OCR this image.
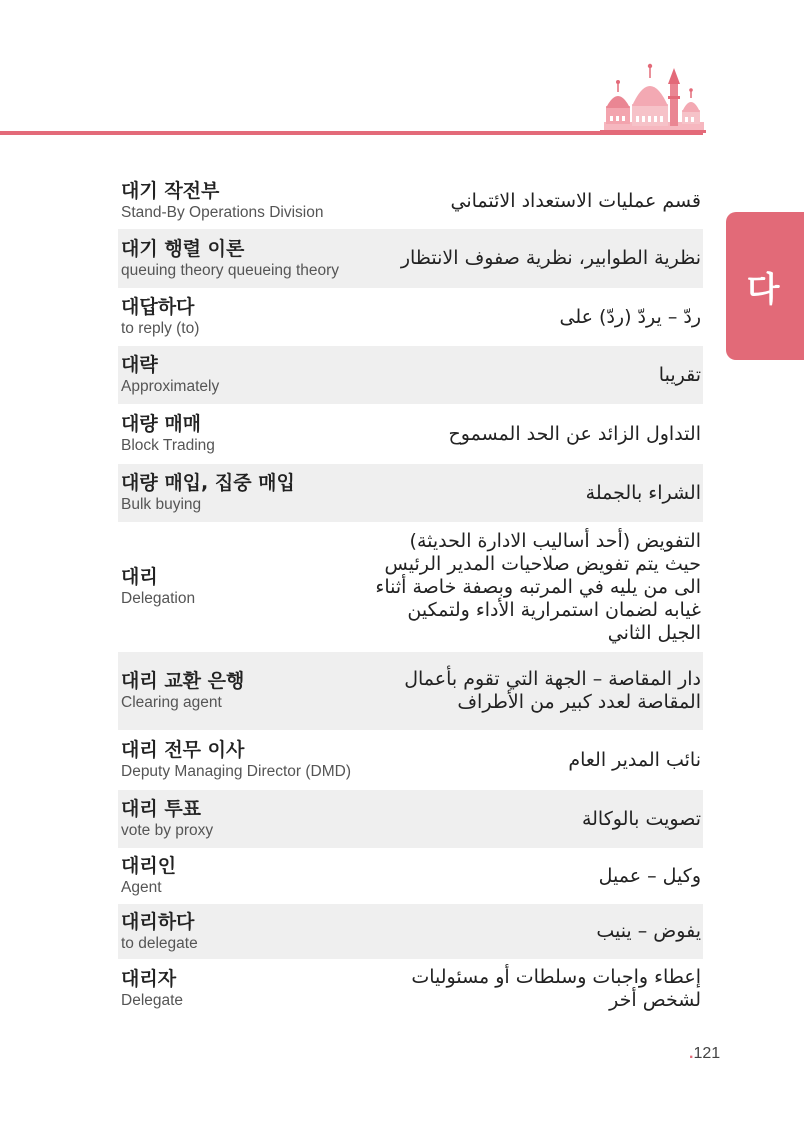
다
대기 작전부
Stand-By Operations Division
قسم عمليات الاستعداد الائتماني
대기 행렬 이론
queuing theory queueing theory
نظرية الطوابير، نظرية صفوف الانتظار
대답하다
to reply (to)
ردّ – يردّ (ردّ) على
대략
Approximately
تقريبا
대량 매매
Block Trading
التداول الزائد عن الحد المسموح
대량 매입, 집중 매입
Bulk buying
الشراء بالجملة
대리
Delegation
التفويض (أحد أساليب الادارة الحديثة) حيث يتم تفويض صلاحيات المدير الرئيس الى من يليه في المرتبه وبصفة خاصة أثناء غيابه لضمان استمرارية الأداء ولتمكين الجيل الثاني
대리 교환 은행
Clearing agent
دار المقاصة – الجهة التي تقوم بأعمال المقاصة لعدد كبير من الأطراف
대리 전무 이사
Deputy Managing Director (DMD)
نائب المدير العام
대리 투표
vote by proxy
تصويت بالوكالة
대리인
Agent
وكيل – عميل
대리하다
to delegate
يفوض – ينيب
대리자
Delegate
إعطاء واجبات وسلطات أو مسئوليات لشخص أخر
.121
